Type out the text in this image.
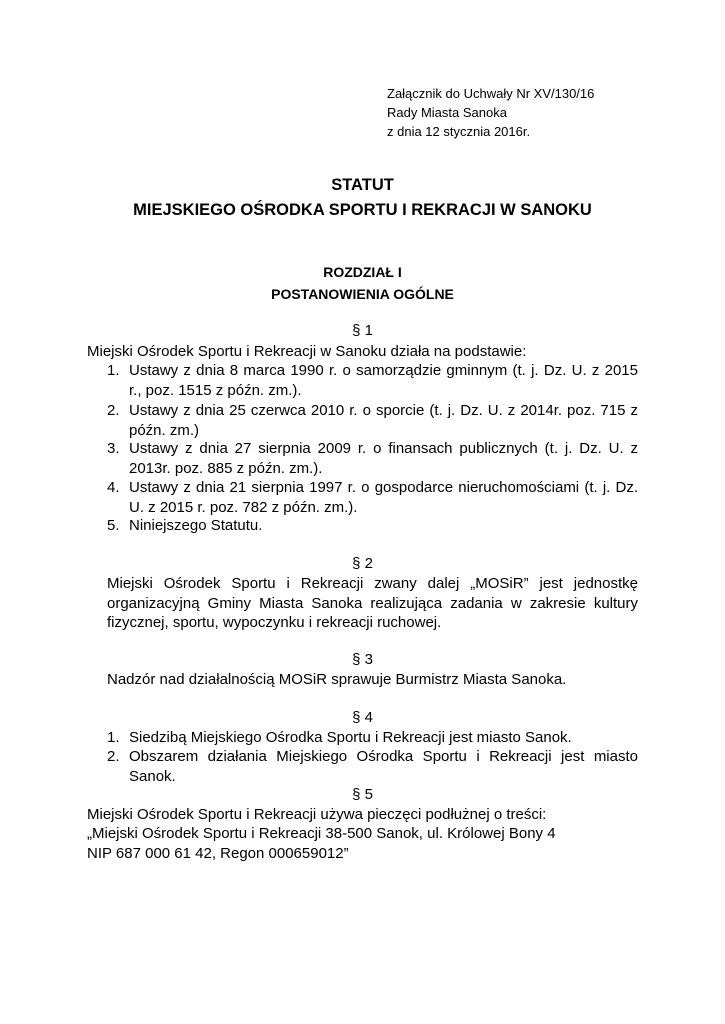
Załącznik do Uchwały Nr XV/130/16
Rady Miasta Sanoka
z dnia 12 stycznia 2016r.
STATUT
MIEJSKIEGO OŚRODKA SPORTU I REKRACJI W SANOKU
ROZDZIAŁ I
POSTANOWIENIA OGÓLNE
§ 1
Miejski Ośrodek Sportu i Rekreacji w Sanoku działa na podstawie:
1. Ustawy z dnia 8 marca 1990 r. o samorządzie gminnym (t. j. Dz. U. z 2015 r., poz. 1515 z późn. zm.).
2. Ustawy z dnia 25 czerwca 2010 r. o sporcie (t. j. Dz. U. z 2014r. poz. 715 z późn. zm.)
3. Ustawy z dnia 27 sierpnia 2009 r. o finansach publicznych (t. j. Dz. U. z 2013r. poz. 885 z późn. zm.).
4. Ustawy z dnia 21 sierpnia 1997 r. o gospodarce nieruchomościami (t. j. Dz. U. z 2015 r. poz. 782 z późn. zm.).
5. Niniejszego Statutu.
§ 2
Miejski Ośrodek Sportu i Rekreacji zwany dalej „MOSiR” jest jednostkę organizacyjną Gminy Miasta Sanoka realizująca zadania w zakresie kultury fizycznej, sportu, wypoczynku i rekreacji ruchowej.
§ 3
Nadzór nad działalnością MOSiR sprawuje Burmistrz Miasta Sanoka.
§ 4
1. Siedzibą Miejskiego Ośrodka Sportu i Rekreacji jest miasto Sanok.
2. Obszarem działania Miejskiego Ośrodka Sportu i Rekreacji jest miasto Sanok.
§ 5
Miejski Ośrodek Sportu i Rekreacji używa pieczęci podłużnej o treści:
„Miejski Ośrodek Sportu i Rekreacji 38-500 Sanok, ul. Królowej Bony 4
NIP 687 000 61 42, Regon 000659012”
